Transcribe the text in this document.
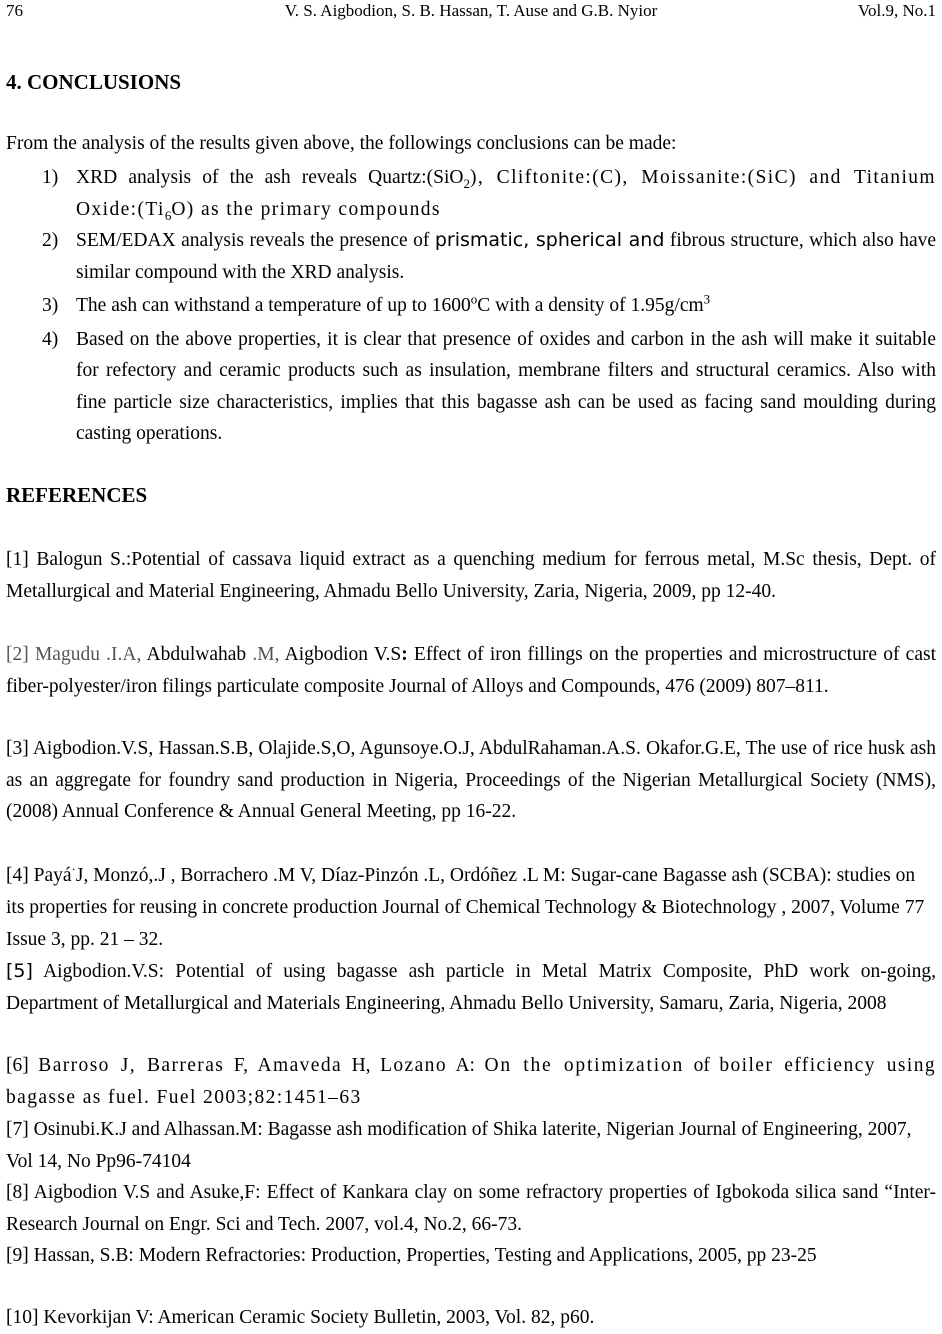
76	V. S. Aigbodion, S. B. Hassan, T. Ause and G.B. Nyior	Vol.9, No.1
4. CONCLUSIONS
From the analysis of the results given above, the followings conclusions can be made:
1) XRD analysis of the ash reveals Quartz:(SiO$_2$), Cliftonite:(C), Moissanite:(SiC) and Titanium $Oxide:(Ti_6O)$ as the primary compounds
2) SEM/EDAX analysis reveals the presence of prismatic, spherical and fibrous structure, which also have similar compound with the XRD analysis.
3) The ash can withstand a temperature of up to 1600$^o$C with a density of $1.95g/cm^3$
4) Based on the above properties, it is clear that presence of oxides and carbon in the ash will make it suitable for refectory and ceramic products such as insulation, membrane filters and structural ceramics. Also with fine particle size characteristics, implies that this bagasse ash can be used as facing sand moulding during casting operations.
REFERENCES
[1] Balogun S.:Potential of cassava liquid extract as a quenching medium for ferrous metal, M.Sc thesis, Dept. of Metallurgical and Material Engineering, Ahmadu Bello University, Zaria, Nigeria, 2009, pp 12-40.
[2] Magudu .I.A, Abdulwahab .M, Aigbodion V.S: Effect of iron fillings on the properties and microstructure of cast fiber-polyester/iron filings particulate composite Journal of Alloys and Compounds, 476 (2009) 807–811.
[3] Aigbodion.V.S, Hassan.S.B, Olajide.S,O, Agunsoye.O.J, AbdulRahaman.A.S. Okafor.G.E, The use of rice husk ash as an aggregate for foundry sand production in Nigeria, Proceedings of the Nigerian Metallurgical Society (NMS), (2008) Annual Conference & Annual General Meeting, pp 16-22.
[4] Payá·J, Monzó,.J , Borrachero .M V, Díaz-Pinzón .L, Ordóñez .L M: Sugar-cane Bagasse ash (SCBA): studies on its properties for reusing in concrete production Journal of Chemical Technology & Biotechnology , 2007, Volume 77 Issue 3, pp. 21 – 32.
[5] Aigbodion.V.S: Potential of using bagasse ash particle in Metal Matrix Composite, PhD work on-going, Department of Metallurgical and Materials Engineering, Ahmadu Bello University, Samaru, Zaria, Nigeria, 2008
[6] Barroso J, Barreras F, Amaveda H, Lozano A: On the optimization of boiler efficiency using bagasse as fuel. Fuel 2003;82:1451–63
[7] Osinubi.K.J and Alhassan.M: Bagasse ash modification of Shika laterite, Nigerian Journal of Engineering, 2007, Vol 14, No Pp96-74104
[8] Aigbodion V.S and Asuke,F: Effect of Kankara clay on some refractory properties of Igbokoda silica sand “Inter-Research Journal on Engr. Sci and Tech. 2007, vol.4, No.2, 66-73.
[9] Hassan, S.B: Modern Refractories: Production, Properties, Testing and Applications, 2005, pp 23-25
[10] Kevorkijan V: American Ceramic Society Bulletin, 2003, Vol. 82, p60.
